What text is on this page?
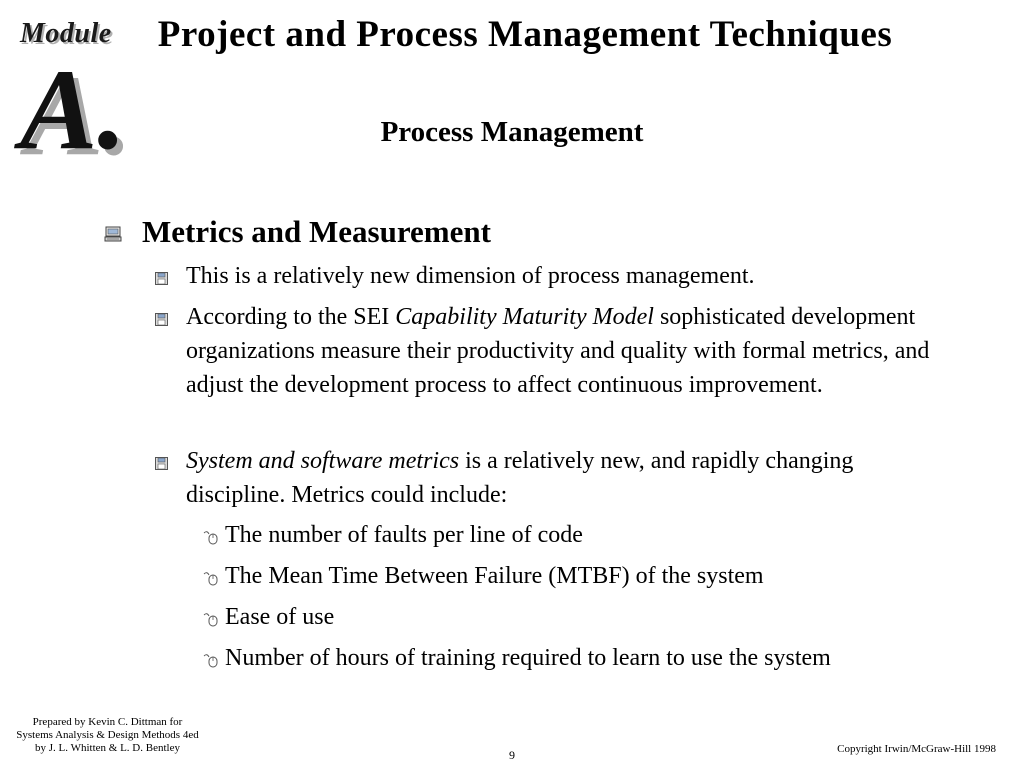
Module
A.
Project and Process Management Techniques
Process Management
Metrics and Measurement
This is a relatively new dimension of process management.
According to the SEI Capability Maturity Model sophisticated development organizations measure their productivity and quality with formal metrics, and adjust the development process to affect continuous improvement.
System and software metrics is a relatively new, and rapidly changing discipline. Metrics could include:
The number of faults per line of code
The Mean Time Between Failure (MTBF) of the system
Ease of use
Number of hours of training required to learn to use the system
Prepared by Kevin C. Dittman for
Systems Analysis & Design Methods 4ed
by J. L. Whitten & L. D. Bentley	9	Copyright Irwin/McGraw-Hill 1998
